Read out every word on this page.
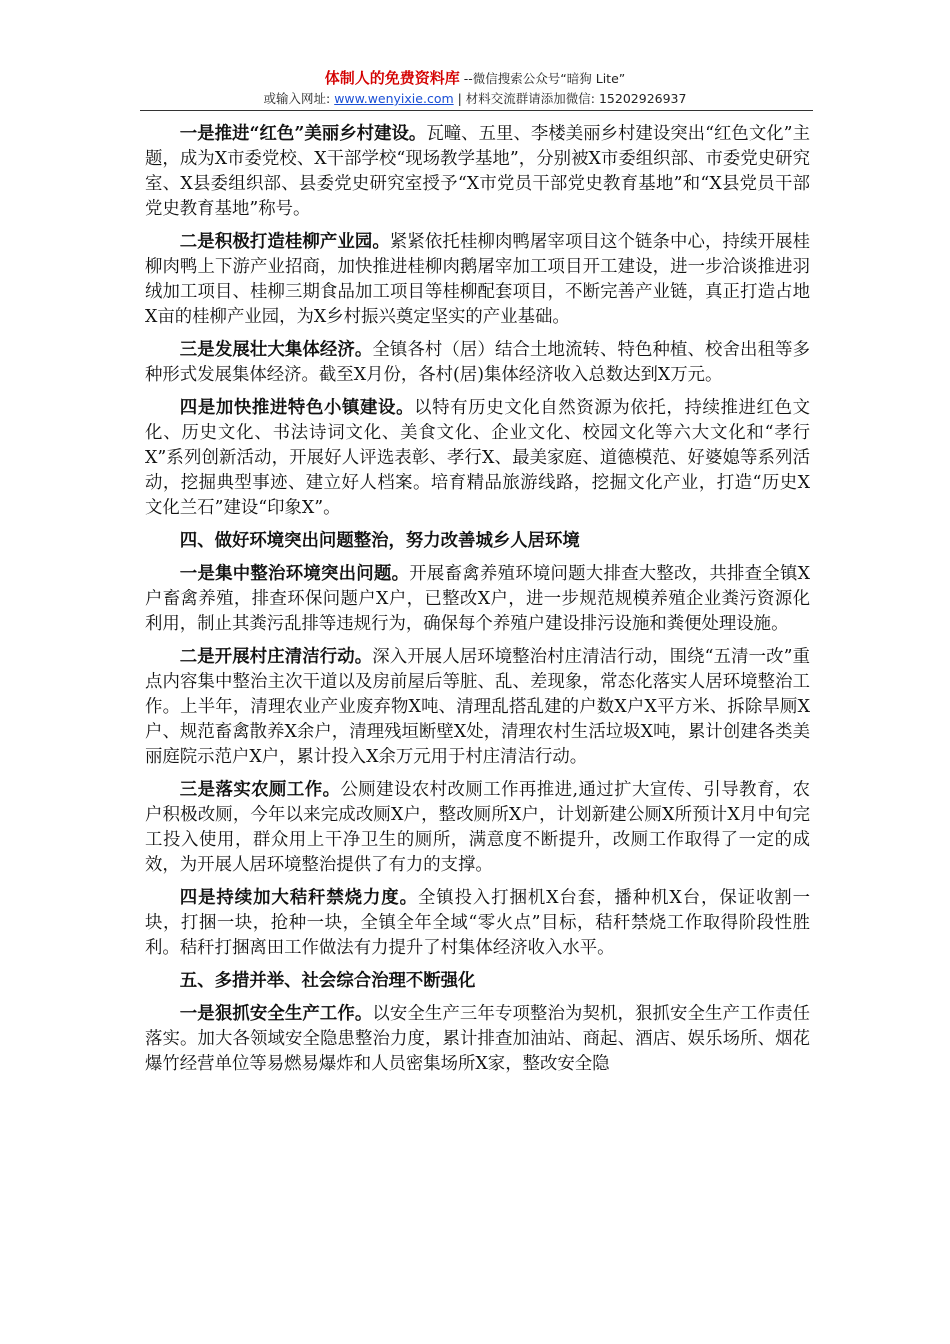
体制人的免费资料库 --微信搜索公众号“暗狗 Lite”
或输入网址: www.wenyixie.com | 材料交流群请添加微信: 15202926937

一是推进“红色”美丽乡村建设。瓦疃、五里、李楼美丽乡村建设突出“红色文化”主题，成为X市委党校、X干部学校“现场教学基地”，分别被X市委组织部、市委党史研究室、X县委组织部、县委党史研究室授予“X市党员干部党史教育基地”和“X县党员干部党史教育基地”称号。

二是积极打造桂柳产业园。紧紧依托桂柳肉鸭屠宰项目这个链条中心，持续开展桂柳肉鸭上下游产业招商，加快推进桂柳肉鹅屠宰加工项目开工建设，进一步洽谈推进羽绒加工项目、桂柳三期食品加工项目等桂柳配套项目，不断完善产业链，真正打造占地X亩的桂柳产业园，为X乡村振兴奠定坚实的产业基础。

三是发展壮大集体经济。全镇各村（居）结合土地流转、特色种植、校舍出租等多种形式发展集体经济。截至X月份，各村(居)集体经济收入总数达到X万元。

四是加快推进特色小镇建设。以特有历史文化自然资源为依托，持续推进红色文化、历史文化、书法诗词文化、美食文化、企业文化、校园文化等六大文化和“孝行X”系列创新活动，开展好人评选表彰、孝行X、最美家庭、道德模范、好婆媳等系列活动，挖掘典型事迹、建立好人档案。培育精品旅游线路，挖掘文化产业，打造“历史X 文化兰石”建设“印象X”。

四、做好环境突出问题整治，努力改善城乡人居环境

一是集中整治环境突出问题。开展畜禽养殖环境问题大排查大整改，共排查全镇X户畜禽养殖，排查环保问题户X户，已整改X户，进一步规范规模养殖企业粪污资源化利用，制止其粪污乱排等违规行为，确保每个养殖户建设排污设施和粪便处理设施。

二是开展村庄清洁行动。深入开展人居环境整治村庄清洁行动，围绕“五清一改”重点内容集中整治主次干道以及房前屋后等脏、乱、差现象，常态化落实人居环境整治工作。上半年，清理农业产业废弃物X吨、清理乱搭乱建的户数X户X平方米、拆除旱厕X户、规范畜禽散养X余户，清理残垣断壁X处，清理农村生活垃圾X吨，累计创建各类美丽庭院示范户X户，累计投入X余万元用于村庄清洁行动。

三是落实农厕工作。公厕建设农村改厕工作再推进,通过扩大宣传、引导教育，农户积极改厕，今年以来完成改厕X户，整改厕所X户，计划新建公厕X所预计X月中旬完工投入使用，群众用上干净卫生的厕所，满意度不断提升，改厕工作取得了一定的成效，为开展人居环境整治提供了有力的支撑。

四是持续加大秸秆禁烧力度。全镇投入打捆机X台套，播种机X台，保证收割一块，打捆一块，抢种一块，全镇全年全域“零火点”目标，秸秆禁烧工作取得阶段性胜利。秸秆打捆离田工作做法有力提升了村集体经济收入水平。

五、多措并举、社会综合治理不断强化

一是狠抓安全生产工作。以安全生产三年专项整治为契机，狠抓安全生产工作责任落实。加大各领域安全隐患整治力度，累计排查加油站、商起、酒店、娱乐场所、烟花爆竹经营单位等易燃易爆炸和人员密集场所X家，整改安全隐
